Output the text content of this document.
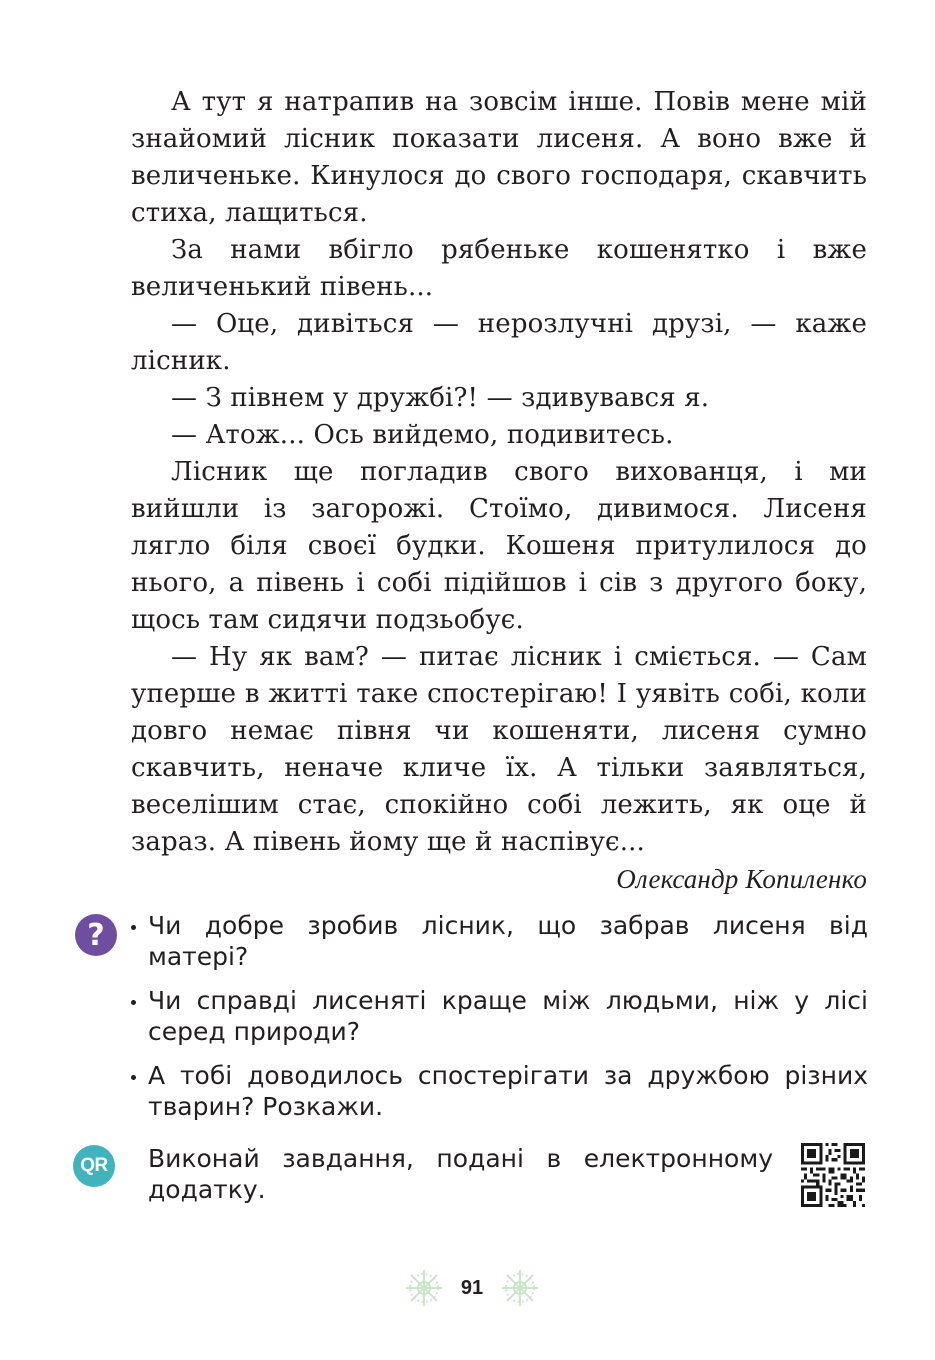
А тут я натрапив на зовсім інше. Повів мене мій знайомий лісник показати лисеня. А воно вже й величеньке. Кинулося до свого господаря, скавчить стиха, лащиться.

За нами вбігло рябеньке кошенятко і вже величенький півень...

— Оце, дивіться — нерозлучні друзі, — каже лісник.

— З півнем у дружбі?! — здивувався я.

— Атож... Ось вийдемо, подивитесь.

Лісник ще погладив свого вихованця, і ми вийшли із загорожі. Стоїмо, дивимося. Лисеня лягло біля своєї будки. Кошеня притулилося до нього, а півень і собі підійшов і сів з другого боку, щось там сидячи подзьобує.

— Ну як вам? — питає лісник і сміється. — Сам уперше в житті таке спостерігаю! І уявіть собі, коли довго немає півня чи кошеняти, лисеня сумно скавчить, неначе кличе їх. А тільки заявляться, веселішим стає, спокійно собі лежить, як оце й зараз. А півень йому ще й наспівує...

Олександр Копиленко
?	Чи добре зробив лісник, що забрав лисеня від матері?
Чи справді лисеняті краще між людьми, ніж у лісі серед природи?
А тобі доводилось спостерігати за дружбою різних тварин? Розкажи.
QR Виконай завдання, подані в електронному додатку.
91
